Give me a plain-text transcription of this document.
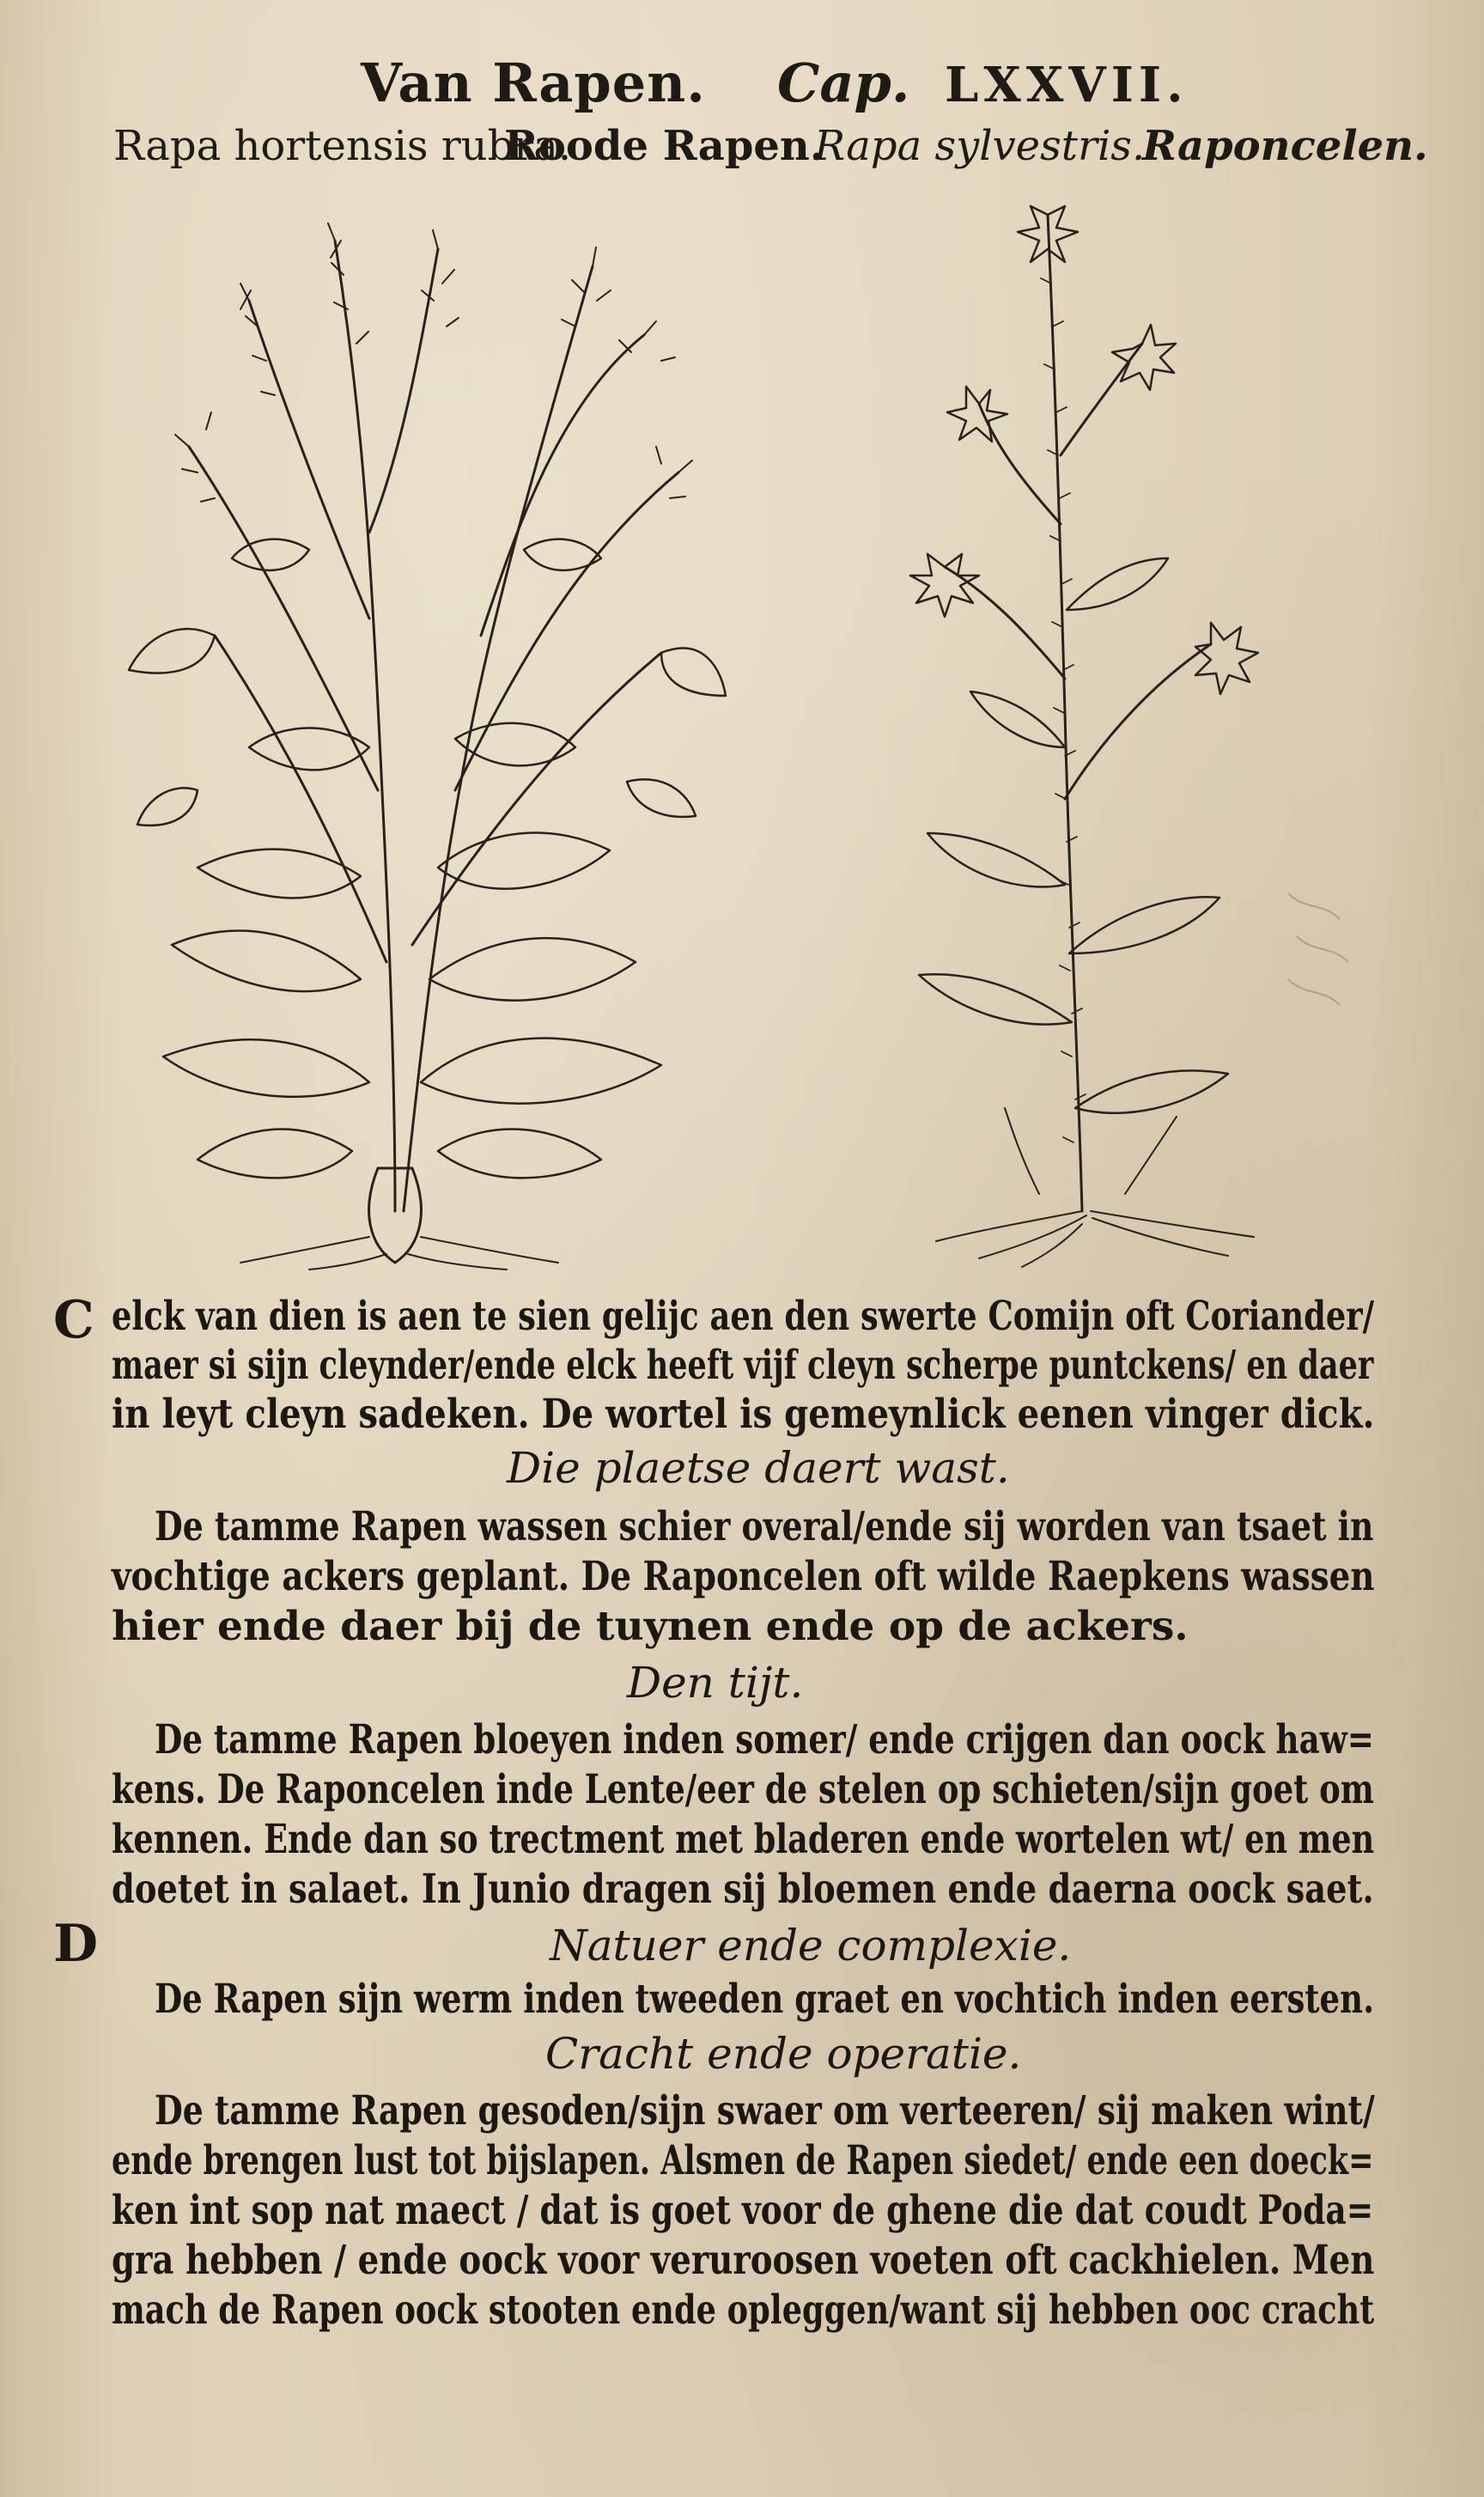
Van Rapen. Cap. LXXVII.
Rapa hortensis rubra.
Roode Rapen.
Rapa sylvestris.
Raponcelen.
C
D
elck van dien is aen te sien gelijc aen den swerte Comijn oft Coriander/
maer si sijn cleynder/ende elck heeft vijf cleyn scherpe puntckens/ en daer
in leyt cleyn sadeken. De wortel is gemeynlick eenen vinger dick.
Die plaetse daert wast.
De tamme Rapen wassen schier overal/ende sij worden van tsaet in
vochtige ackers geplant. De Raponcelen oft wilde Raepkens wassen
hier ende daer bij de tuynen ende op de ackers.
Den tijt.
De tamme Rapen bloeyen inden somer/ ende crijgen dan oock haw=
kens. De Raponcelen inde Lente/eer de stelen op schieten/sijn goet om
kennen. Ende dan so trectment met bladeren ende wortelen wt/ en men
doetet in salaet. In Junio dragen sij bloemen ende daerna oock saet.
Natuer ende complexie.
De Rapen sijn werm inden tweeden graet en vochtich inden eersten.
Cracht ende operatie.
De tamme Rapen gesoden/sijn swaer om verteeren/ sij maken wint/
ende brengen lust tot bijslapen. Alsmen de Rapen siedet/ ende een doeck=
ken int sop nat maect / dat is goet voor de ghene die dat coudt Poda=
gra hebben / ende oock voor veruroosen voeten oft cackhielen. Men
mach de Rapen oock stooten ende opleggen/want sij hebben ooc cracht
